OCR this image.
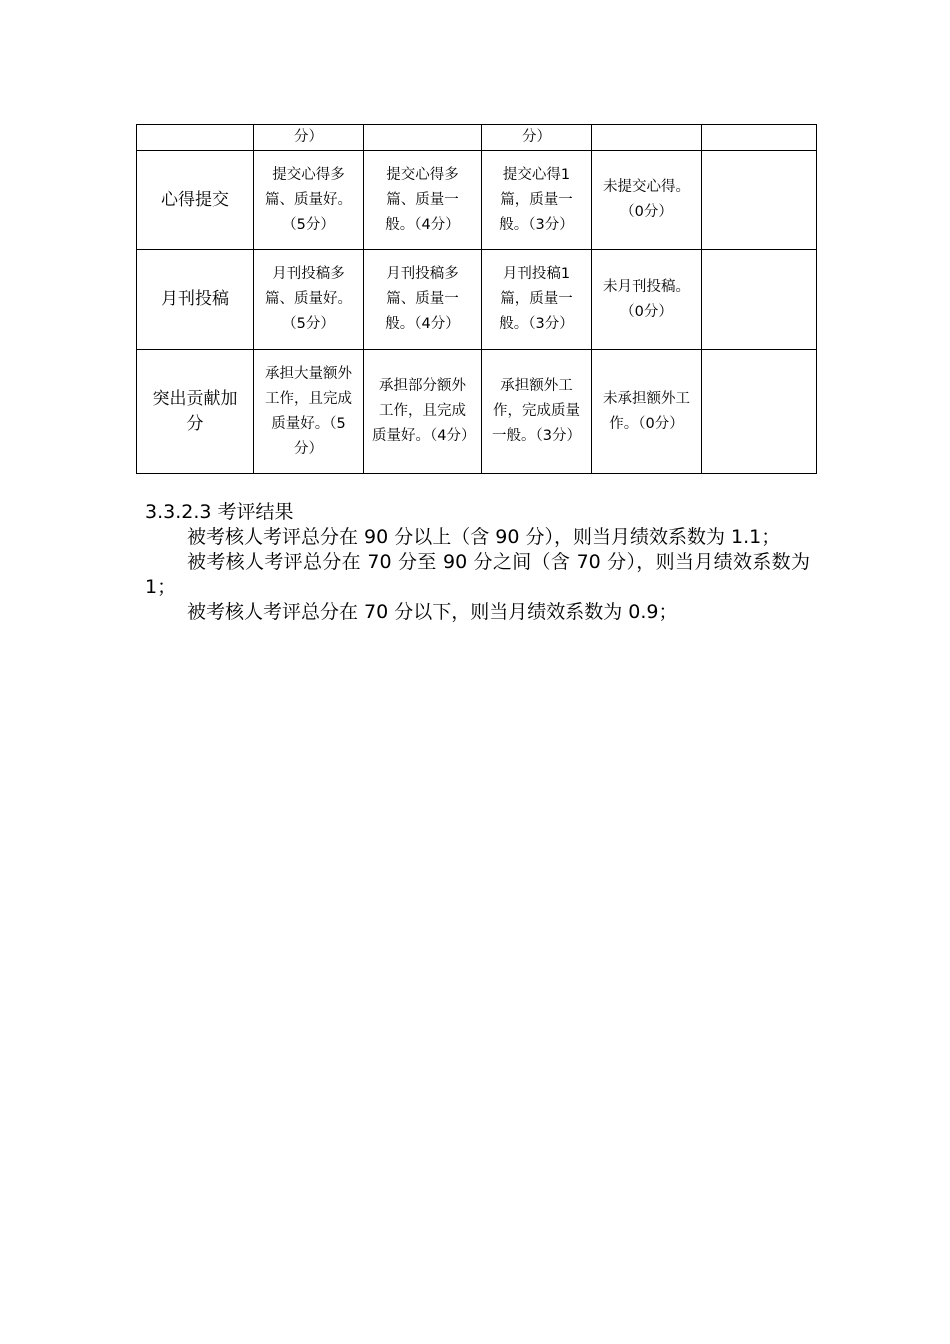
	分）		分）		
心得提交	提交心得多篇、质量好。（5分）	提交心得多篇、质量一般。（4分）	提交心得1篇，质量一般。（3分）	未提交心得。（0分）	
月刊投稿	月刊投稿多篇、质量好。（5分）	月刊投稿多篇、质量一般。（4分）	月刊投稿1篇，质量一般。（3分）	未月刊投稿。（0分）	
突出贡献加分	承担大量额外工作，且完成质量好。（5分）	承担部分额外工作，且完成质量好。（4分）	承担额外工作，完成质量一般。（3分）	未承担额外工作。（0分）	

3.3.2.3 考评结果

被考核人考评总分在 90 分以上（含 90 分），则当月绩效系数为 1.1；

被考核人考评总分在 70 分至 90 分之间（含 70 分），则当月绩效系数为 1；

被考核人考评总分在 70 分以下，则当月绩效系数为 0.9；
